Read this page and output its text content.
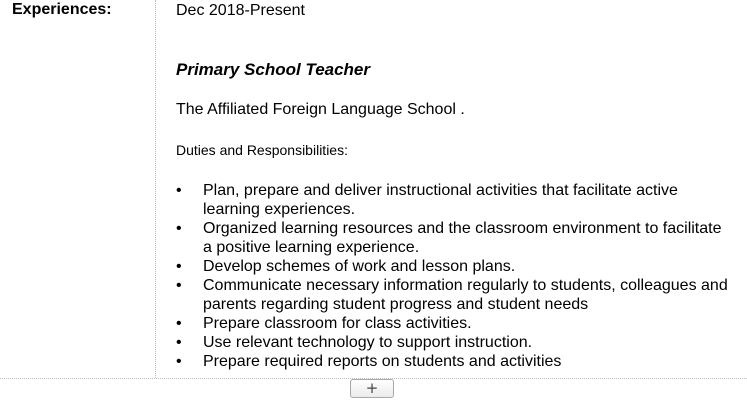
Experiences:	Dec 2018-Present
Primary School Teacher
The Affiliated Foreign Language School .
Duties and Responsibilities:
• Plan, prepare and deliver instructional activities that facilitate active learning experiences.
• Organized learning resources and the classroom environment to facilitate a positive learning experience.
• Develop schemes of work and lesson plans.
• Communicate necessary information regularly to students, colleagues and parents regarding student progress and student needs
• Prepare classroom for class activities.
• Use relevant technology to support instruction.
• Prepare required reports on students and activities
+
